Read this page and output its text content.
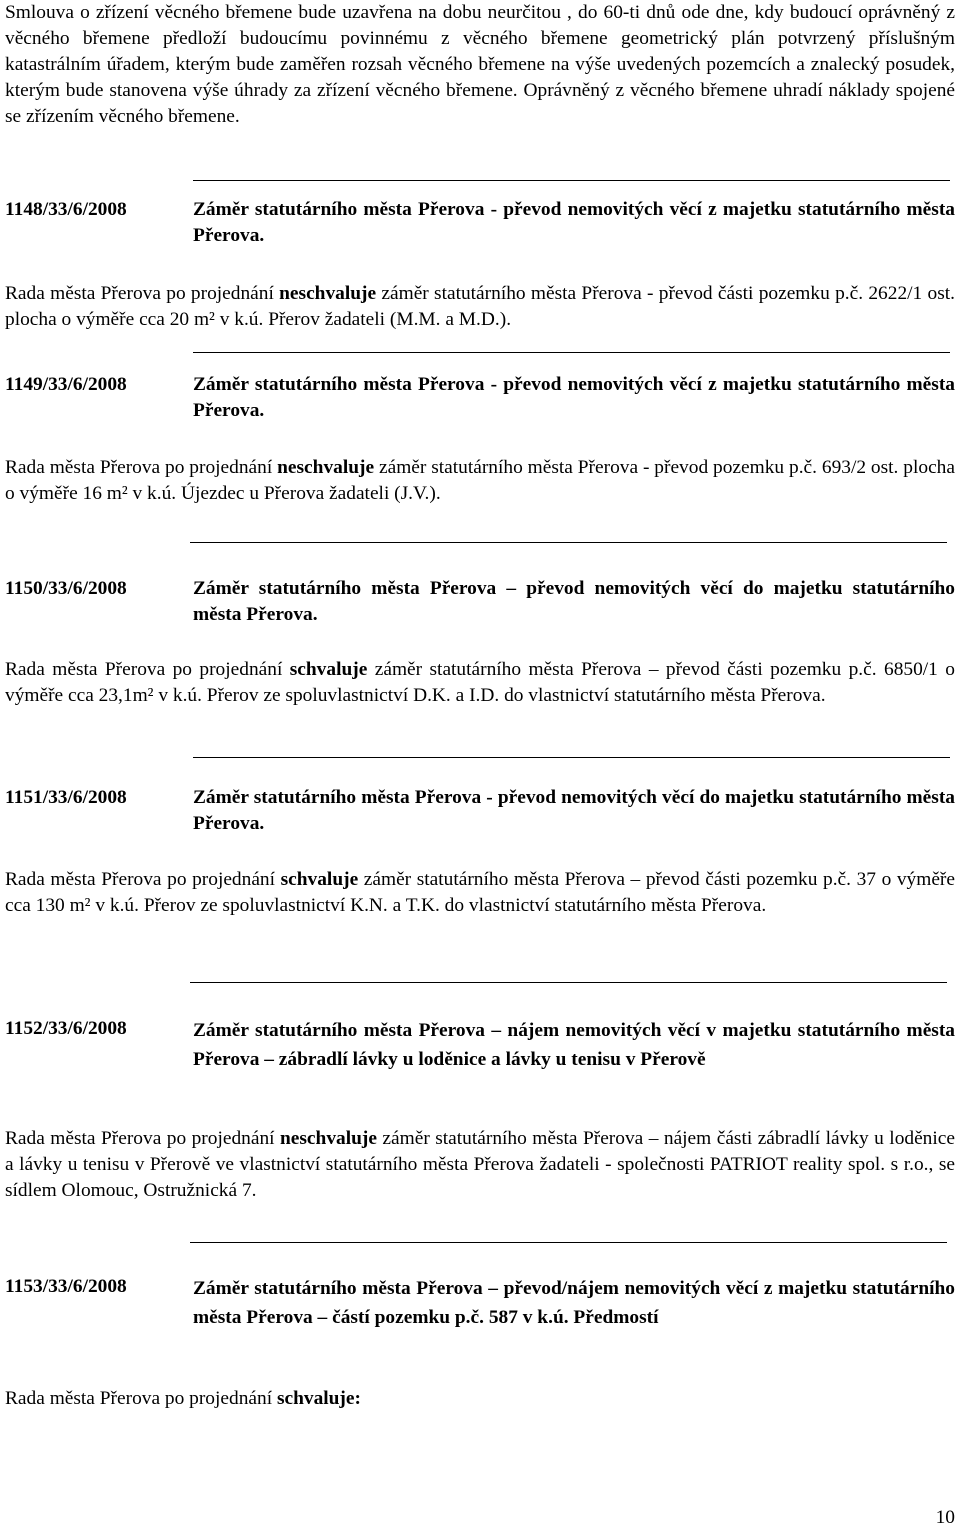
Smlouva o zřízení věcného břemene bude uzavřena na dobu neurčitou , do 60-ti dnů ode dne, kdy budoucí oprávněný z věcného břemene předloží budoucímu povinnému z věcného břemene geometrický plán potvrzený příslušným katastrálním úřadem, kterým bude zaměřen rozsah věcného břemene na výše uvedených pozemcích a znalecký posudek, kterým bude stanovena výše úhrady za zřízení věcného břemene. Oprávněný z věcného břemene uhradí náklady spojené se zřízením věcného břemene.

1148/33/6/2008	Záměr statutárního města Přerova - převod nemovitých věcí z majetku statutárního města Přerova.

Rada města Přerova po projednání neschvaluje záměr statutárního města Přerova - převod části pozemku p.č. 2622/1 ost. plocha o výměře cca 20 m² v k.ú. Přerov žadateli (M.M. a M.D.).

1149/33/6/2008	Záměr statutárního města Přerova - převod nemovitých věcí z majetku statutárního města Přerova.

Rada města Přerova po projednání neschvaluje záměr statutárního města Přerova - převod pozemku p.č. 693/2 ost. plocha o výměře 16 m² v k.ú. Újezdec u Přerova žadateli (J.V.).

1150/33/6/2008	Záměr statutárního města Přerova – převod nemovitých věcí do majetku statutárního města Přerova.

Rada města Přerova po projednání schvaluje záměr statutárního města Přerova – převod části pozemku p.č. 6850/1 o výměře cca 23,1m² v k.ú. Přerov ze spoluvlastnictví D.K. a I.D. do vlastnictví statutárního města Přerova.

1151/33/6/2008	Záměr statutárního města Přerova - převod nemovitých věcí do majetku statutárního města Přerova.

Rada města Přerova po projednání schvaluje záměr statutárního města Přerova – převod části pozemku p.č. 37 o výměře cca 130 m² v k.ú. Přerov ze spoluvlastnictví K.N. a T.K. do vlastnictví statutárního města Přerova.

1152/33/6/2008	Záměr statutárního města Přerova – nájem nemovitých věcí v majetku statutárního města Přerova – zábradlí lávky u loděnice a lávky u tenisu v Přerově

Rada města Přerova po projednání neschvaluje záměr statutárního města Přerova – nájem části zábradlí lávky u loděnice a lávky u tenisu v Přerově ve vlastnictví statutárního města Přerova žadateli - společnosti PATRIOT reality spol. s r.o., se sídlem Olomouc, Ostružnická 7.

1153/33/6/2008	Záměr statutárního města Přerova – převod/nájem nemovitých věcí z majetku statutárního města Přerova – částí pozemku p.č. 587 v k.ú. Předmostí

Rada města Přerova po projednání schvaluje:

10
